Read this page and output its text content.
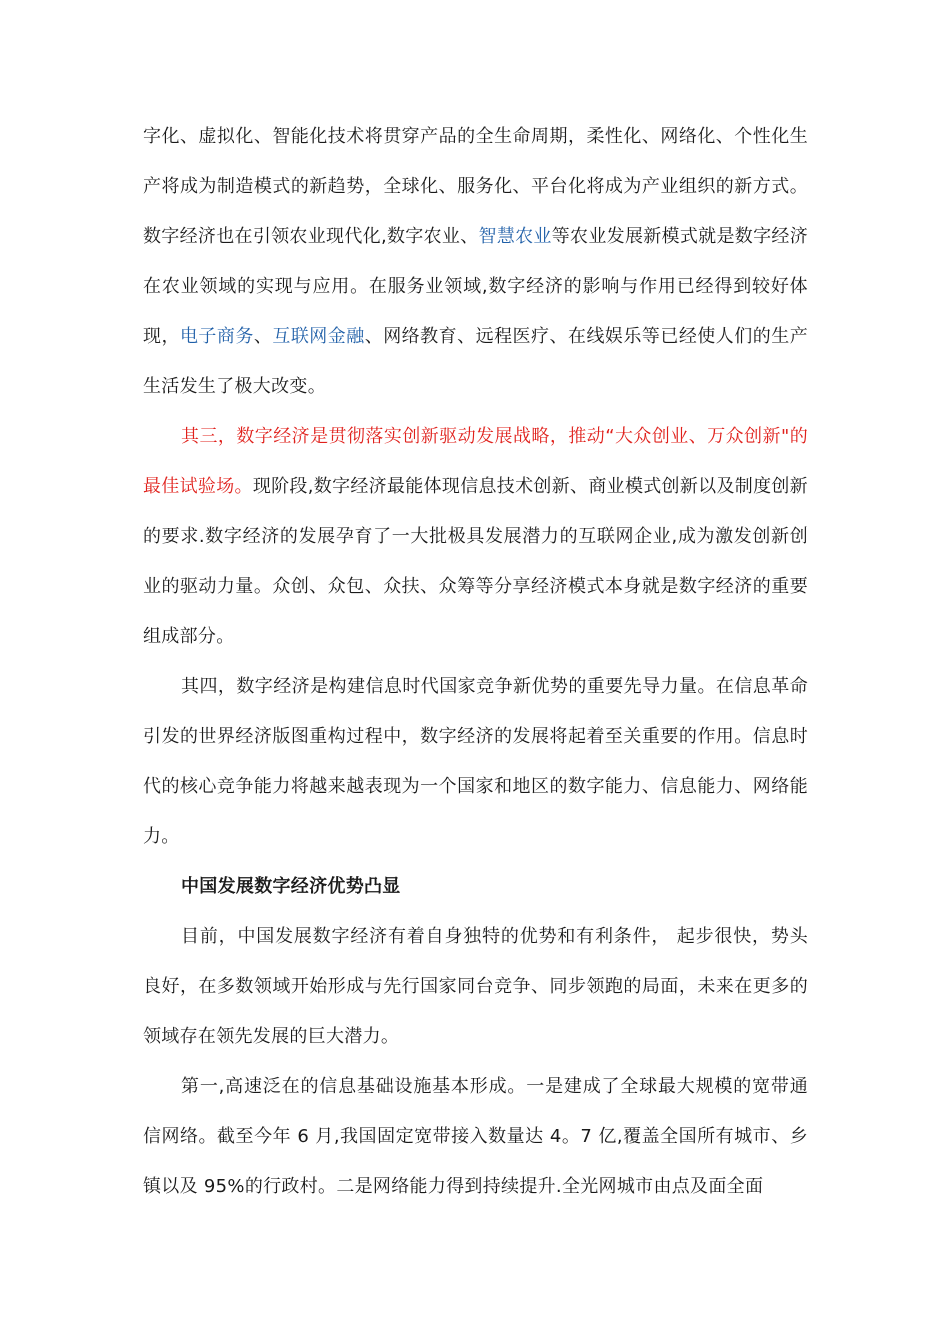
字化、虚拟化、智能化技术将贯穿产品的全生命周期，柔性化、网络化、个性化生产将成为制造模式的新趋势，全球化、服务化、平台化将成为产业组织的新方式。数字经济也在引领农业现代化,数字农业、智慧农业等农业发展新模式就是数字经济在农业领域的实现与应用。在服务业领域,数字经济的影响与作用已经得到较好体现，电子商务、互联网金融、网络教育、远程医疗、在线娱乐等已经使人们的生产生活发生了极大改变。

其三，数字经济是贯彻落实创新驱动发展战略，推动“大众创业、万众创新"的最佳试验场。现阶段,数字经济最能体现信息技术创新、商业模式创新以及制度创新的要求.数字经济的发展孕育了一大批极具发展潜力的互联网企业,成为激发创新创业的驱动力量。众创、众包、众扶、众筹等分享经济模式本身就是数字经济的重要组成部分。

其四，数字经济是构建信息时代国家竞争新优势的重要先导力量。在信息革命引发的世界经济版图重构过程中，数字经济的发展将起着至关重要的作用。信息时代的核心竞争能力将越来越表现为一个国家和地区的数字能力、信息能力、网络能力。

中国发展数字经济优势凸显

目前，中国发展数字经济有着自身独特的优势和有利条件， 起步很快，势头良好，在多数领域开始形成与先行国家同台竞争、同步领跑的局面，未来在更多的领域存在领先发展的巨大潜力。

第一,高速泛在的信息基础设施基本形成。一是建成了全球最大规模的宽带通信网络。截至今年 6 月,我国固定宽带接入数量达 4。7 亿,覆盖全国所有城市、乡镇以及 95%的行政村。二是网络能力得到持续提升.全光网城市由点及面全面
